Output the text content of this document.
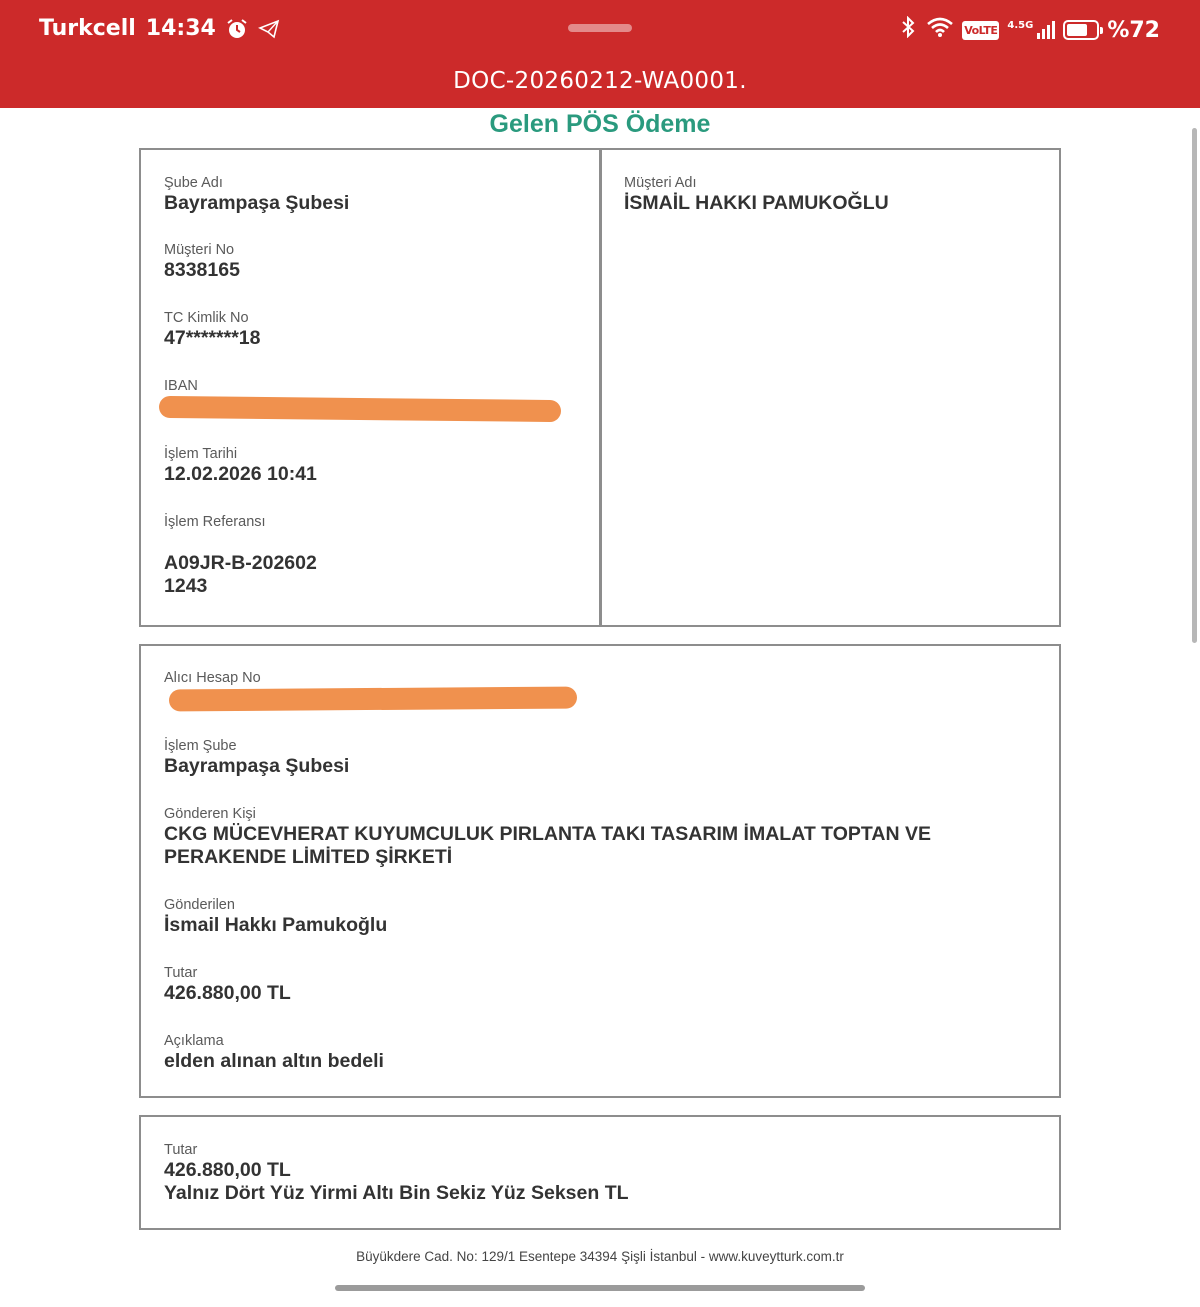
Turkcell 14:34	VoLTE 4.5G	%72
DOC-20260212-WA0001.
Gelen PÖS Ödeme
Şube Adı
Bayrampaşa Şubesi
Müşteri No
8338165
TC Kimlik No
47*******18
IBAN
İşlem Tarihi
12.02.2026 10:41
İşlem Referansı
A09JR-B-202602
1243
Müşteri Adı
İSMAİL HAKKI PAMUKOĞLU
Alıcı Hesap No
İşlem Şube
Bayrampaşa Şubesi
Gönderen Kişi
CKG MÜCEVHERAT KUYUMCULUK PIRLANTA TAKI TASARIM İMALAT TOPTAN VE
PERAKENDE LİMİTED ŞİRKETİ
Gönderilen
İsmail Hakkı Pamukoğlu
Tutar
426.880,00 TL
Açıklama
elden alınan altın bedeli
Tutar
426.880,00 TL
Yalnız Dört Yüz Yirmi Altı Bin Sekiz Yüz Seksen TL
Büyükdere Cad. No: 129/1 Esentepe 34394 Şişli İstanbul - www.kuveytturk.com.tr
